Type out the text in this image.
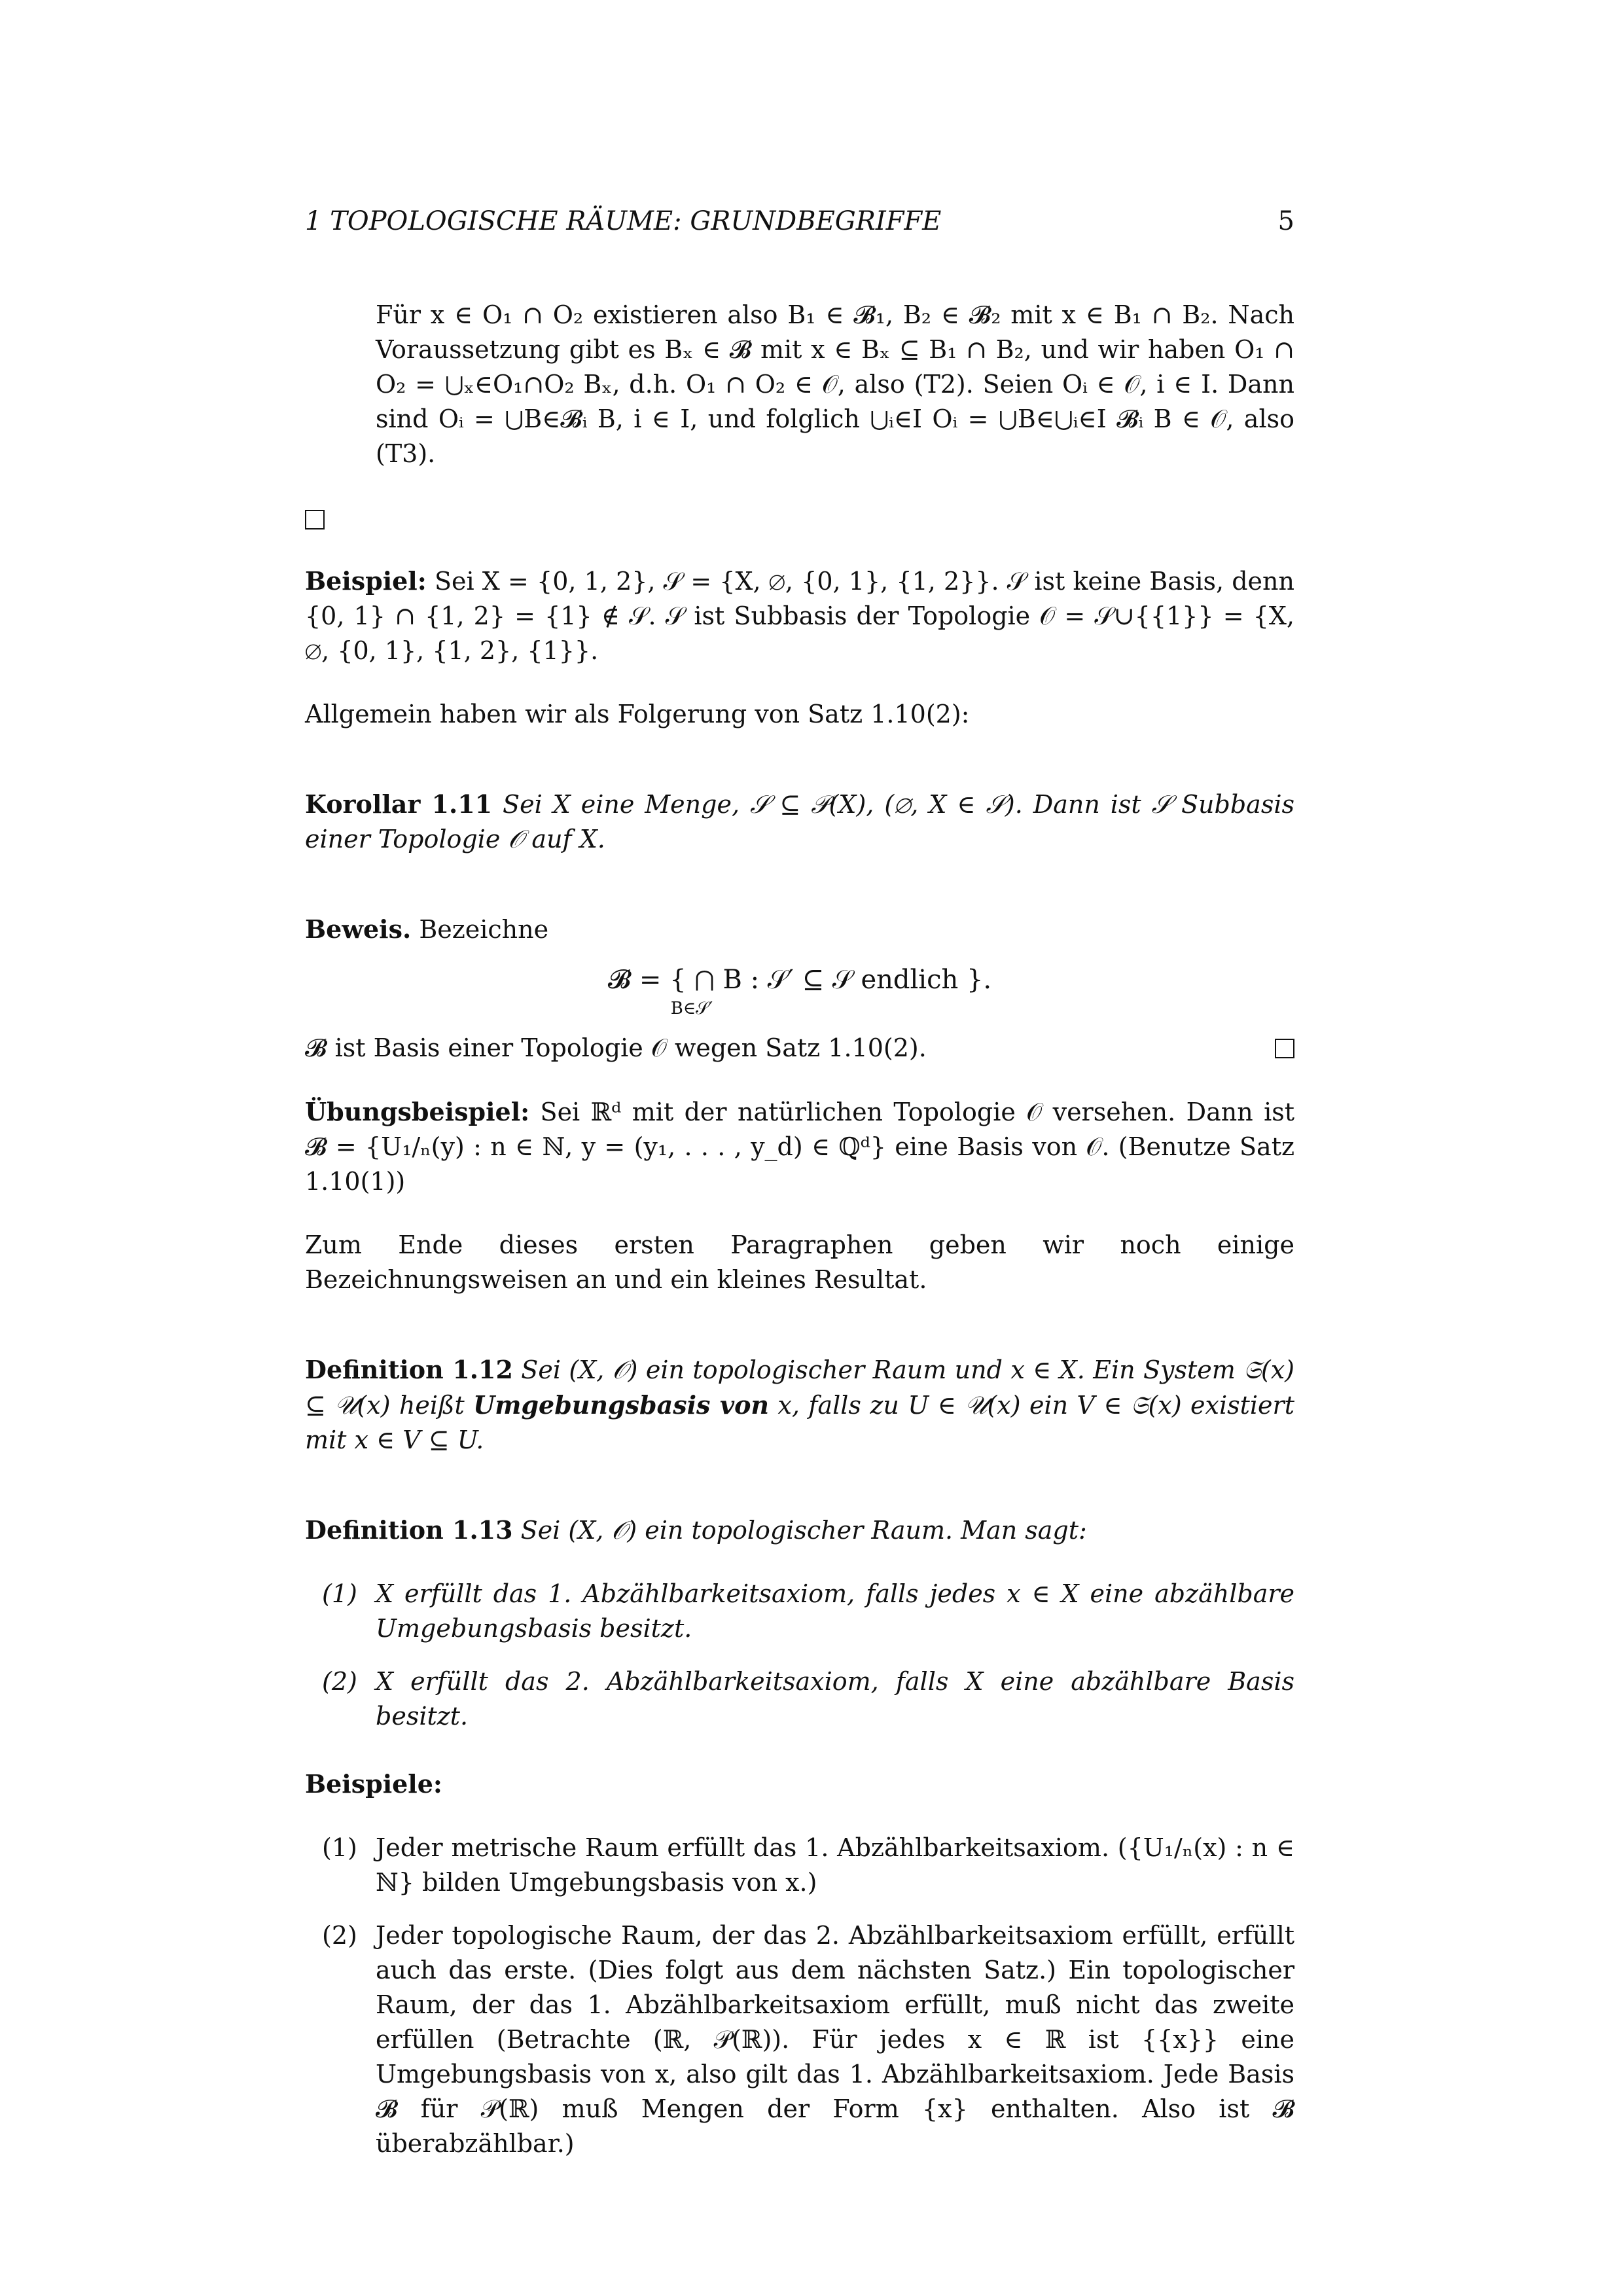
1 TOPOLOGISCHE RÄUME: GRUNDBEGRIFFE	5

Für x ∈ O₁ ∩ O₂ existieren also B₁ ∈ 𝓑₁, B₂ ∈ 𝓑₂ mit x ∈ B₁ ∩ B₂. Nach Voraussetzung gibt es Bₓ ∈ 𝓑 mit x ∈ Bₓ ⊆ B₁ ∩ B₂, und wir haben O₁ ∩ O₂ = ⋃ₓ∈O₁∩O₂ Bₓ, d.h. O₁ ∩ O₂ ∈ 𝒪, also (T2). Seien Oᵢ ∈ 𝒪, i ∈ I. Dann sind Oᵢ = ⋃B∈𝓑ᵢ B, i ∈ I, und folglich ⋃ᵢ∈I Oᵢ = ⋃B∈⋃ᵢ∈I 𝓑ᵢ B ∈ 𝒪, also (T3).

Beispiel: Sei X = {0, 1, 2}, 𝒮 = {X, ∅, {0, 1}, {1, 2}}. 𝒮 ist keine Basis, denn {0, 1} ∩ {1, 2} = {1} ∉ 𝒮. 𝒮 ist Subbasis der Topologie 𝒪 = 𝒮∪{{1}} = {X, ∅, {0, 1}, {1, 2}, {1}}.

Allgemein haben wir als Folgerung von Satz 1.10(2):

Korollar 1.11 Sei X eine Menge, 𝒮 ⊆ 𝒫(X), (∅, X ∈ 𝒮). Dann ist 𝒮 Subbasis einer Topologie 𝒪 auf X.

Beweis. Bezeichne

𝓑 = { ⋂ B : 𝒮′ ⊆ 𝒮 endlich }.
B∈𝒮′
𝓑 ist Basis einer Topologie 𝒪 wegen Satz 1.10(2).

Übungsbeispiel: Sei ℝᵈ mit der natürlichen Topologie 𝒪 versehen. Dann ist 𝓑 = {U₁/ₙ(y) : n ∈ ℕ, y = (y₁, . . . , y_d) ∈ ℚᵈ} eine Basis von 𝒪. (Benutze Satz 1.10(1))

Zum Ende dieses ersten Paragraphen geben wir noch einige Bezeichnungsweisen an und ein kleines Resultat.

Definition 1.12 Sei (X, 𝒪) ein topologischer Raum und x ∈ X. Ein System 𝔖(x) ⊆ 𝒰(x) heißt Umgebungsbasis von x, falls zu U ∈ 𝒰(x) ein V ∈ 𝔖(x) existiert mit x ∈ V ⊆ U.

Definition 1.13 Sei (X, 𝒪) ein topologischer Raum. Man sagt:

(1) X erfüllt das 1. Abzählbarkeitsaxiom, falls jedes x ∈ X eine abzählbare Umgebungsbasis besitzt.
(2) X erfüllt das 2. Abzählbarkeitsaxiom, falls X eine abzählbare Basis besitzt.

Beispiele:

(1) Jeder metrische Raum erfüllt das 1. Abzählbarkeitsaxiom. ({U₁/ₙ(x) : n ∈ ℕ} bilden Umgebungsbasis von x.)
(2) Jeder topologische Raum, der das 2. Abzählbarkeitsaxiom erfüllt, erfüllt auch das erste. (Dies folgt aus dem nächsten Satz.) Ein topologischer Raum, der das 1. Abzählbarkeitsaxiom erfüllt, muß nicht das zweite erfüllen (Betrachte (ℝ, 𝒫(ℝ)). Für jedes x ∈ ℝ ist {{x}} eine Umgebungsbasis von x, also gilt das 1. Abzählbarkeitsaxiom. Jede Basis 𝓑 für 𝒫(ℝ) muß Mengen der Form {x} enthalten. Also ist 𝓑 überabzählbar.)
